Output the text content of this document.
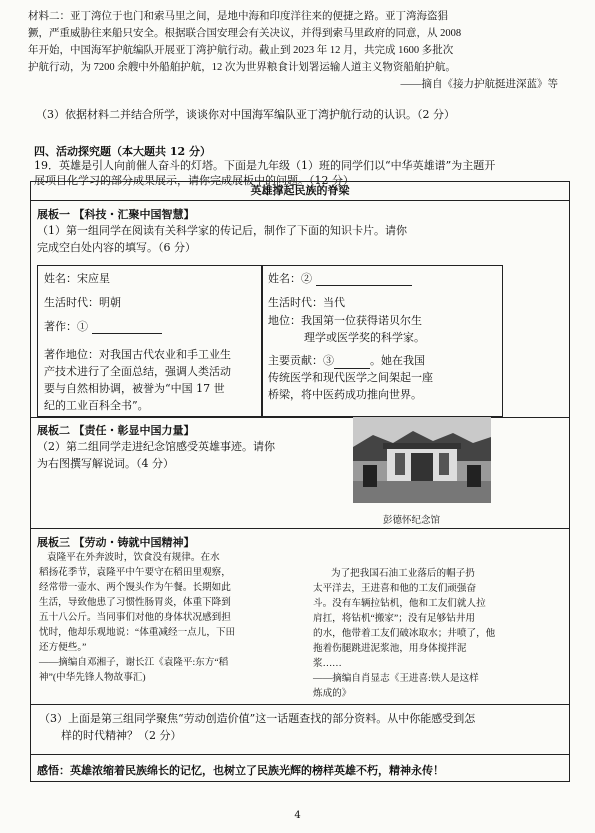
材料二：亚丁湾位于也门和索马里之间，是地中海和印度洋往来的便捷之路。亚丁湾海盗猖
獗，严重威胁往来船只安全。根据联合国安理会有关决议，并得到索马里政府的同意，从 2008
年开始，中国海军护航编队开展亚丁湾护航行动。截止到 2023 年 12 月，共完成 1600 多批次
护航行动，为 7200 余艘中外船舶护航，12 次为世界粮食计划署运输人道主义物资船舶护航。
——摘自《接力护航挺进深蓝》等
（3）依据材料二并结合所学，谈谈你对中国海军编队亚丁湾护航行动的认识。（2 分）
四、活动探究题（本大题共 12 分）
19．英雄是引人向前催人奋斗的灯塔。下面是九年级（1）班的同学们以“中华英雄谱”为主题开
展项目化学习的部分成果展示，请你完成展板中的问题。（12 分）
英雄撑起民族的脊梁
展板一 【科技・汇聚中国智慧】
（1）第一组同学在阅读有关科学家的传记后，制作了下面的知识卡片。请你
完成空白处内容的填写。（6 分）
姓名：宋应星
生活时代：明朝
著作：①
著作地位：对我国古代农业和手工业生
产技术进行了全面总结，强调人类活动
要与自然相协调，被誉为“中国 17 世
纪的工业百科全书”。
姓名：②
生活时代：当代
地位：我国第一位获得诺贝尔生
理学或医学奖的科学家。
主要贡献：③	。她在我国
传统医学和现代医学之间架起一座
桥梁，将中医药成功推向世界。
展板二 【责任・彰显中国力量】
（2）第二组同学走进纪念馆感受英雄事迹。请你
为右图撰写解说词。（4 分）
彭德怀纪念馆
展板三 【劳动・铸就中国精神】
袁隆平在外奔波时，饮食没有规律。在水
稻扬花季节，袁隆平中午要守在稻田里观察，
经常带一壶水、两个馒头作为午餐。长期如此
生活，导致他患了习惯性肠胃炎，体重下降到
五十八公斤。当同事们对他的身体状况感到担
忧时，他却乐观地说：“体重减经一点儿，下田
还方便些。”
——摘编自邓湘子，谢长江《袁隆平:东方“稻
神”(中华先锋人物故事汇)
为了把我国石油工业落后的帽子扔
太平洋去，王进喜和他的工友们顽强奋
斗。没有车辆拉钻机，他和工友们就人拉
肩扛，将钻机“搬家”；没有足够钻井用
的水，他带着工友们破冰取水；井喷了，他
拖着伤腿跳进泥浆池，用身体搅拌泥
浆……
——摘编自肖显志《王进喜:铁人是这样
炼成的》
（3）上面是第三组同学聚焦“劳动创造价值”这一话题查找的部分资料。从中你能感受到怎
样的时代精神？（2 分）
感悟：英雄浓缩着民族绵长的记忆，也树立了民族光辉的榜样英雄不朽，精神永传！
4
